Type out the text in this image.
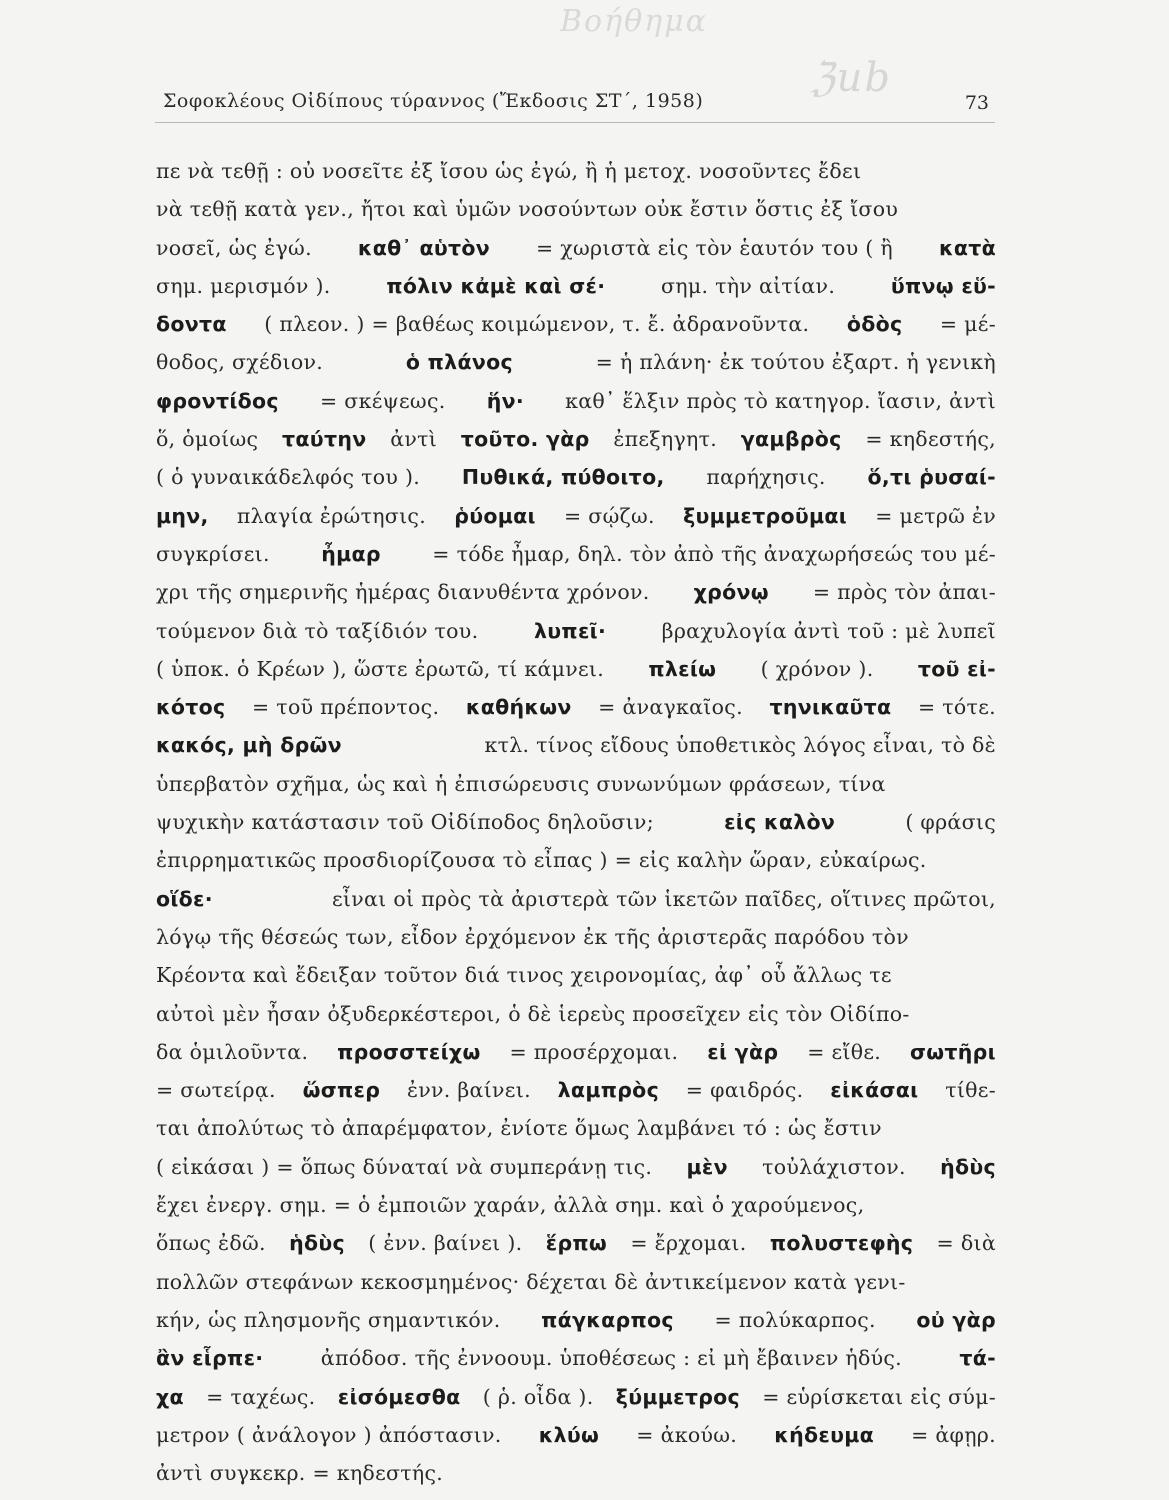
Βοήθημα
ℨub
Σοφοκλέους Οἰδίπους τύραννος (Ἔκδοσις ΣΤ΄, 1958)	73
πε νὰ τεθῇ : οὐ νοσεῖτε ἐξ ἴσου ὡς ἐγώ, ἢ ἡ μετοχ. νοσοῦντες ἔδει
νὰ τεθῇ κατὰ γεν., ἤτοι καὶ ὑμῶν νοσούντων οὐκ ἔστιν ὅστις ἐξ ἴσου
νοσεῖ, ὡς ἐγώ. καθ᾽ αὑτὸν = χωριστὰ εἰς τὸν ἑαυτόν του ( ἢ κατὰ
σημ. μερισμόν ).	πόλιν κἀμὲ καὶ σέ·	σημ. τὴν αἰτίαν.	ὕπνῳ εὕ-
δοντα ( πλεον. ) = βαθέως κοιμώμενον, τ. ἔ. ἀδρανοῦντα. ὁδὸς = μέ-
θοδος, σχέδιον.	ὁ πλάνος	= ἡ πλάνη· ἐκ τούτου ἐξαρτ. ἡ γενικὴ
φροντίδος = σκέψεως. ἥν· καθ᾽ ἕλξιν πρὸς τὸ κατηγορ. ἴασιν, ἀντὶ
ὅ, ὁμοίως ταύτην ἀντὶ τοῦτο. γὰρ ἐπεξηγητ. γαμβρὸς = κηδεστής,
( ὁ γυναικάδελφός του ). Πυθικά, πύθοιτο, παρήχησις. ὅ,τι ῥυσαί-
μην, πλαγία ἐρώτησις. ῥύομαι = σῴζω. ξυμμετροῦμαι = μετρῶ ἐν
συγκρίσει.	ἦμαρ	= τόδε ἦμαρ, δηλ. τὸν ἀπὸ τῆς ἀναχωρήσεώς του μέ-
χρι τῆς σημερινῆς ἡμέρας διανυθέντα χρόνον. χρόνῳ = πρὸς τὸν ἀπαι-
τούμενον διὰ τὸ ταξίδιόν του.	λυπεῖ·	βραχυλογία ἀντὶ τοῦ : μὲ λυπεῖ
( ὑποκ. ὁ Κρέων ), ὥστε ἐρωτῶ, τί κάμνει. πλείω ( χρόνον ). τοῦ εἰ-
κότος = τοῦ πρέποντος. καθήκων = ἀναγκαῖος. τηνικαῦτα = τότε.
κακός, μὴ δρῶν	κτλ. τίνος εἴδους ὑποθετικὸς λόγος εἶναι, τὸ δὲ
ὑπερβατὸν σχῆμα, ὡς καὶ ἡ ἐπισώρευσις συνωνύμων φράσεων, τίνα
ψυχικὴν κατάστασιν τοῦ Οἰδίποδος δηλοῦσιν;	εἰς καλὸν	( φράσις
ἐπιρρηματικῶς προσδιορίζουσα τὸ εἶπας ) = εἰς καλὴν ὥραν, εὐκαίρως.
οἵδε·	εἶναι οἱ πρὸς τὰ ἀριστερὰ τῶν ἱκετῶν παῖδες, οἵτινες πρῶτοι,
λόγῳ τῆς θέσεώς των, εἶδον ἐρχόμενον ἐκ τῆς ἀριστερᾶς παρόδου τὸν
Κρέοντα καὶ ἔδειξαν τοῦτον διά τινος χειρονομίας, ἀφ᾽ οὗ ἄλλως τε
αὐτοὶ μὲν ἦσαν ὀξυδερκέστεροι, ὁ δὲ ἱερεὺς προσεῖχεν εἰς τὸν Οἰδίπο-
δα ὁμιλοῦντα. προσστείχω = προσέρχομαι. εἰ γὰρ = εἴθε. σωτῆρι
= σωτείρᾳ. ὥσπερ ἐνν. βαίνει. λαμπρὸς = φαιδρός. εἰκάσαι τίθε-
ται ἀπολύτως τὸ ἀπαρέμφατον, ἐνίοτε ὅμως λαμβάνει τό : ὡς ἔστιν
( εἰκάσαι ) = ὅπως δύναταί νὰ συμπεράνῃ τις. μὲν τοὐλάχιστον. ἡδὺς
ἔχει ἐνεργ. σημ. = ὁ ἐμποιῶν χαράν, ἀλλὰ σημ. καὶ ὁ χαρούμενος,
ὅπως ἐδῶ. ἡδὺς ( ἐνν. βαίνει ). ἕρπω = ἔρχομαι. πολυστεφὴς = διὰ
πολλῶν στεφάνων κεκοσμημένος· δέχεται δὲ ἀντικείμενον κατὰ γενι-
κήν, ὡς πλησμονῆς σημαντικόν. πάγκαρπος = πολύκαρπος. οὐ γὰρ
ἂν εἷρπε·	ἀπόδοσ. τῆς ἐννοουμ. ὑποθέσεως : εἰ μὴ ἔβαινεν ἡδύς.	τά-
χα = ταχέως. εἰσόμεσθα ( ῥ. οἶδα ). ξύμμετρος = εὑρίσκεται εἰς σύμ-
μετρον ( ἀνάλογον ) ἀπόστασιν. κλύω = ἀκούω. κήδευμα = ἀφῃρ.
ἀντὶ συγκεκρ. = κηδεστής.
